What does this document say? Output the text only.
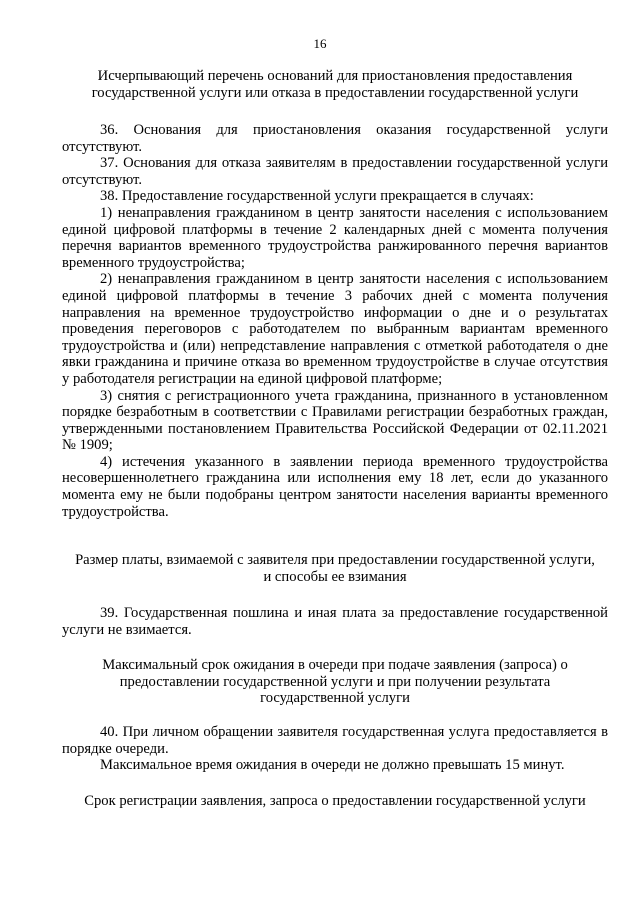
16
Исчерпывающий перечень оснований для приостановления предоставления
государственной услуги или отказа в предоставлении государственной услуги
36. Основания для приостановления оказания государственной услуги отсутствуют.
37. Основания для отказа заявителям в предоставлении государственной услуги отсутствуют.
38. Предоставление государственной услуги прекращается в случаях:
1) ненаправления гражданином в центр занятости населения с использованием единой цифровой платформы в течение 2 календарных дней с момента получения перечня вариантов временного трудоустройства ранжированного перечня вариантов временного трудоустройства;
2) ненаправления гражданином в центр занятости населения с использованием единой цифровой платформы в течение 3 рабочих дней с момента получения направления на временное трудоустройство информации о дне и о результатах проведения переговоров с работодателем по выбранным вариантам временного трудоустройства и (или) непредставление направления с отметкой работодателя о дне явки гражданина и причине отказа во временном трудоустройстве в случае отсутствия у работодателя регистрации на единой цифровой платформе;
3) снятия с регистрационного учета гражданина, признанного в установленном порядке безработным в соответствии с Правилами регистрации безработных граждан, утвержденными постановлением Правительства Российской Федерации от 02.11.2021 № 1909;
4) истечения указанного в заявлении периода временного трудоустройства несовершеннолетнего гражданина или исполнения ему 18 лет, если до указанного момента ему не были подобраны центром занятости населения варианты временного трудоустройства.
Размер платы, взимаемой с заявителя при предоставлении государственной услуги,
и способы ее взимания
39. Государственная пошлина и иная плата за предоставление государственной услуги не взимается.
Максимальный срок ожидания в очереди при подаче заявления (запроса) о
предоставлении государственной услуги и при получении результата
государственной услуги
40. При личном обращении заявителя государственная услуга предоставляется в порядке очереди.
Максимальное время ожидания в очереди не должно превышать 15 минут.
Срок регистрации заявления, запроса о предоставлении государственной услуги
